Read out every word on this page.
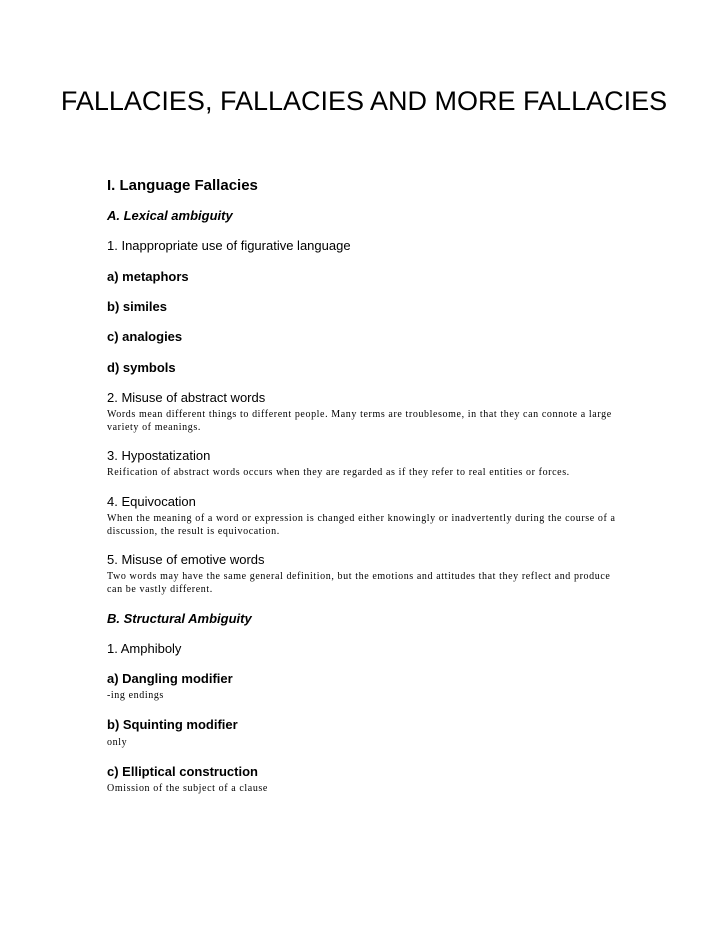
FALLACIES, FALLACIES AND MORE FALLACIES

I. Language Fallacies

A. Lexical ambiguity

1. Inappropriate use of figurative language

a) metaphors

b) similes

c) analogies

d) symbols

2. Misuse of abstract words

Words mean different things to different people. Many terms are troublesome, in that they can connote a large variety of meanings.

3. Hypostatization

Reification of abstract words occurs when they are regarded as if they refer to real entities or forces.

4. Equivocation

When the meaning of a word or expression is changed either knowingly or inadvertently during the course of a discussion, the result is equivocation.

5. Misuse of emotive words

Two words may have the same general definition, but the emotions and attitudes that they reflect and produce can be vastly different.

B. Structural Ambiguity

1. Amphiboly

a) Dangling modifier

-ing endings

b) Squinting modifier

only

c) Elliptical construction

Omission of the subject of a clause
